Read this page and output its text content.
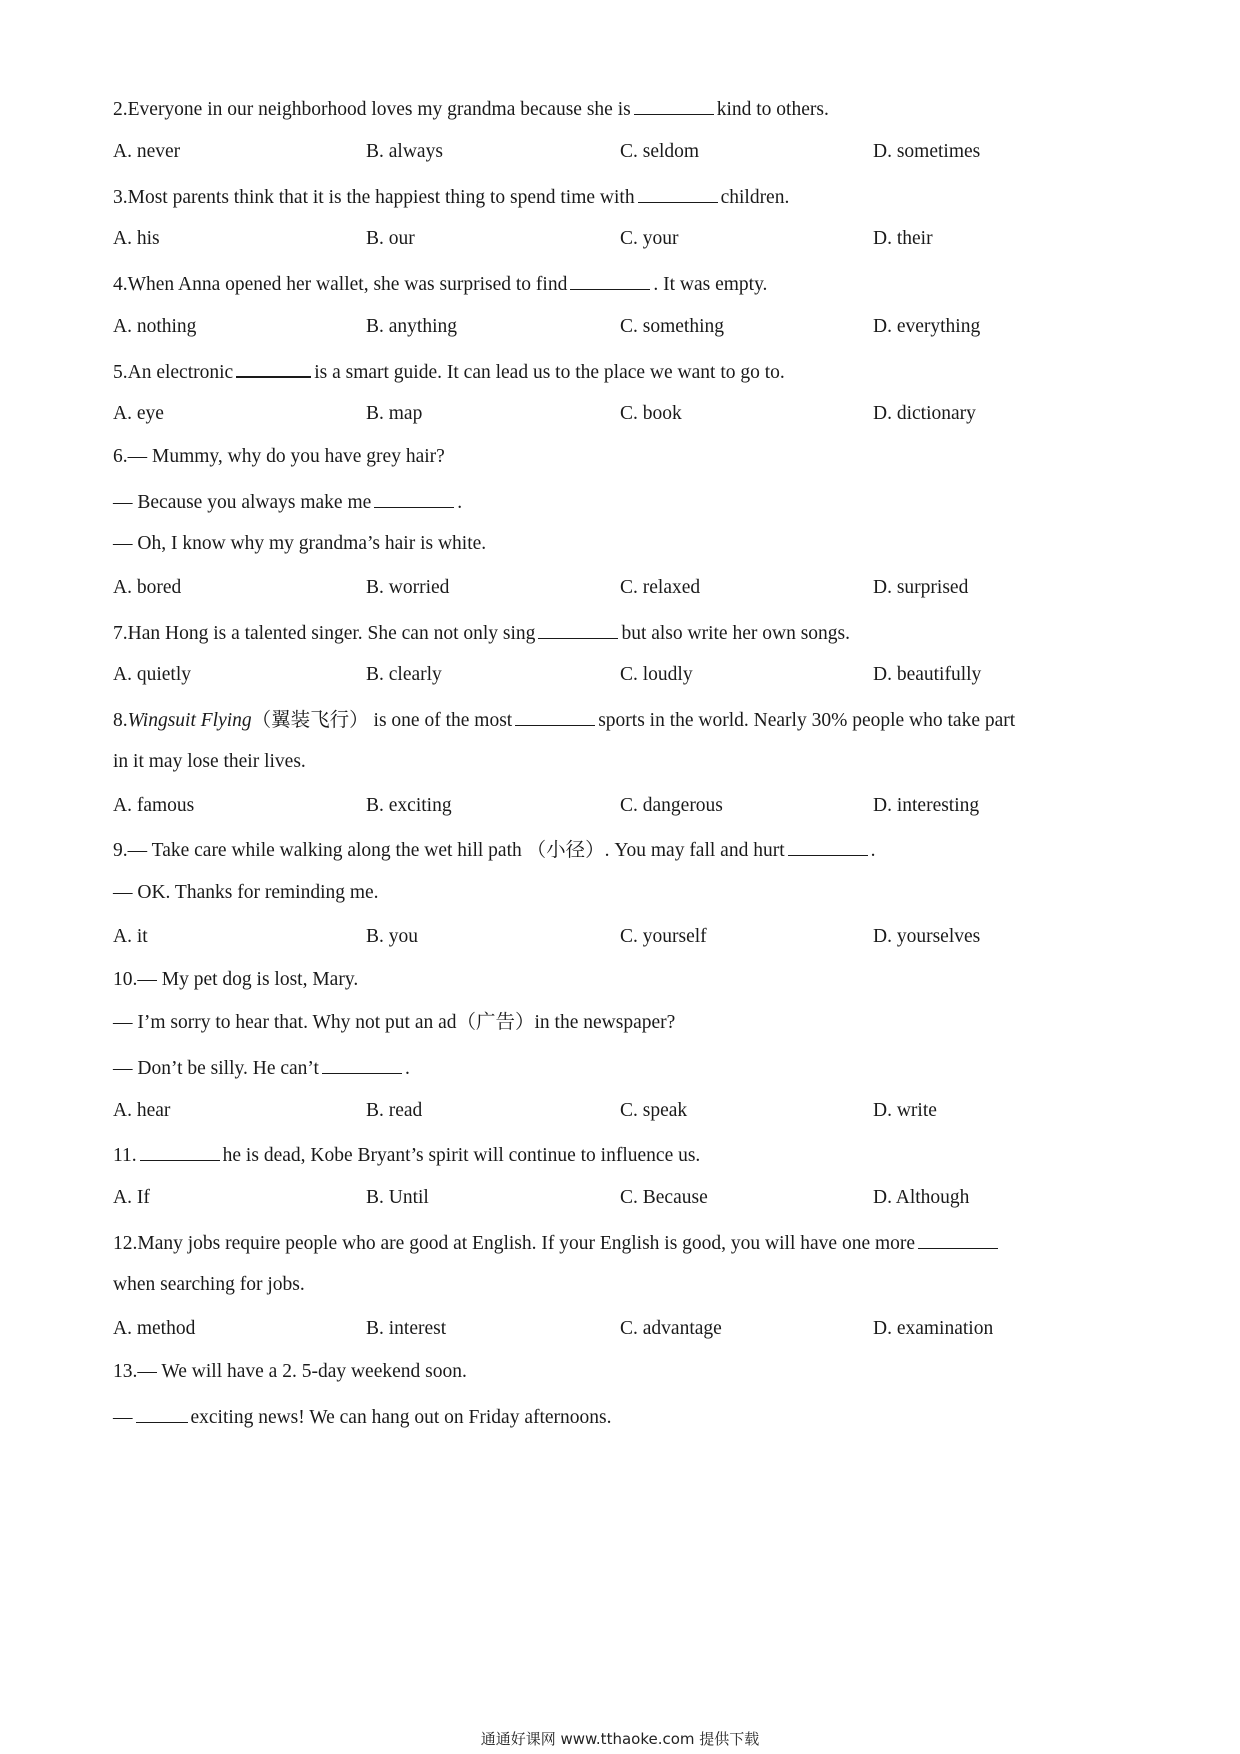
2.Everyone in our neighborhood loves my grandma because she is	kind to others.
A. never	B. always	C. seldom	D. sometimes
3.Most parents think that it is the happiest thing to spend time with	children.
A. his	B. our	C. your	D. their
4.When Anna opened her wallet, she was surprised to find	. It was empty.
A. nothing	B. anything	C. something	D. everything
5.An electronic	is a smart guide. It can lead us to the place we want to go to.
A. eye	B. map	C. book	D. dictionary
6.— Mummy, why do you have grey hair?
— Because you always make me	.
— Oh, I know why my grandma’s hair is white.
A. bored	B. worried	C. relaxed	D. surprised
7.Han Hong is a talented singer. She can not only sing	but also write her own songs.
A. quietly	B. clearly	C. loudly	D. beautifully
8.Wingsuit Flying（翼装飞行） is one of the most	sports in the world. Nearly 30% people who take part
in it may lose their lives.
A. famous	B. exciting	C. dangerous	D. interesting
9.— Take care while walking along the wet hill path （小径）. You may fall and hurt	.
— OK. Thanks for reminding me.
A. it	B. you	C. yourself	D. yourselves
10.— My pet dog is lost, Mary.
— I’m sorry to hear that. Why not put an ad（广告）in the newspaper?
— Don’t be silly. He can’t	.
A. hear	B. read	C. speak	D. write
11.	he is dead, Kobe Bryant’s spirit will continue to influence us.
A. If	B. Until	C. Because	D. Although
12.Many jobs require people who are good at English. If your English is good, you will have one more
when searching for jobs.
A. method	B. interest	C. advantage	D. examination
13.— We will have a 2. 5-day weekend soon.
—	exciting news! We can hang out on Friday afternoons.
通通好课网 www.tthaoke.com 提供下载
